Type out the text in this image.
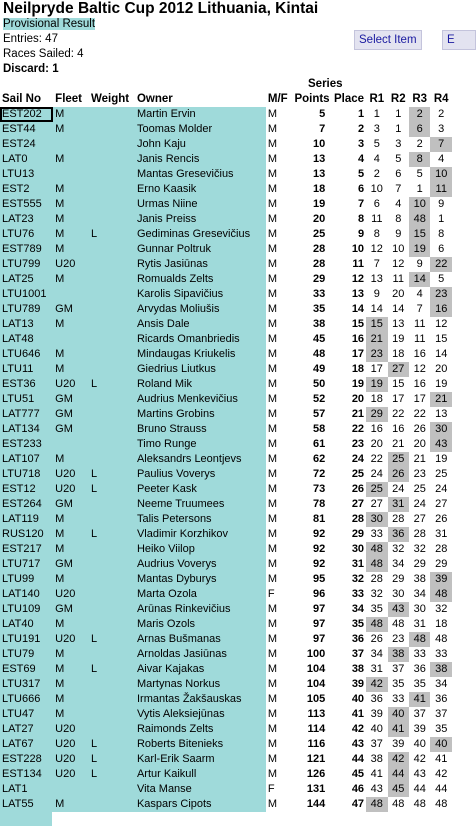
Neilpryde Baltic Cup 2012 Lithuania, Kintai
Provisional Result
Entries: 47
Races Sailed: 4
Discard: 1
Select Item	E
Series
Sail No	Fleet	Weight	Owner	M/F	Points	Place	R1	R2	R3	R4
EST202	M		Martin Ervin	M	5	1	1	1	2	2
EST44	M		Toomas Molder	M	7	2	3	1	6	3
EST24			John Kaju	M	10	3	5	3	2	7
LAT0	M		Janis Rencis	M	13	4	4	5	8	4
LTU13			Mantas Gresevičius	M	13	5	2	6	5	10
EST2	M		Erno Kaasik	M	18	6	10	7	1	11
EST555	M		Urmas Niine	M	19	7	6	4	10	9
LAT23	M		Janis Preiss	M	20	8	11	8	48	1
LTU76	M	L	Gediminas Gresevičius	M	25	9	8	9	15	8
EST789	M		Gunnar Poltruk	M	28	10	12	10	19	6
LTU799	U20		Rytis Jasiūnas	M	28	11	7	12	9	22
LAT25	M		Romualds Zelts	M	29	12	13	11	14	5
LTU1001			Karolis Sipavičius	M	33	13	9	20	4	23
LTU789	GM		Arvydas Moliušis	M	35	14	14	14	7	16
LAT13	M		Ansis Dale	M	38	15	15	13	11	12
LAT48			Ricards Omanbriedis	M	45	16	21	19	11	15
LTU646	M		Mindaugas Kriukelis	M	48	17	23	18	16	14
LTU11	M		Giedrius Liutkus	M	49	18	17	27	12	20
EST36	U20	L	Roland Mik	M	50	19	19	15	16	19
LTU51	GM		Audrius Menkevičius	M	52	20	18	17	17	21
LAT777	GM		Martins Grobins	M	57	21	29	22	22	13
LAT134	GM		Bruno Strauss	M	58	22	16	16	26	30
EST233			Timo Runge	M	61	23	20	21	20	43
LAT107	M		Aleksandrs Leontjevs	M	62	24	22	25	21	19
LTU718	U20	L	Paulius Voverys	M	72	25	24	26	23	25
EST12	U20	L	Peeter Kask	M	73	26	25	24	25	24
EST264	GM		Neeme Truumees	M	78	27	27	31	24	27
LAT119	M		Talis Petersons	M	81	28	30	28	27	26
RUS120	M	L	Vladimir Korzhikov	M	92	29	33	36	28	31
EST217	M		Heiko Viilop	M	92	30	48	32	32	28
LTU717	GM		Audrius Voverys	M	92	31	48	34	29	29
LTU99	M		Mantas Dyburys	M	95	32	28	29	38	39
LAT140	U20		Marta Ozola	F	96	33	32	30	34	48
LTU109	GM		Arūnas Rinkevičius	M	97	34	35	43	30	32
LAT40	M		Maris Ozols	M	97	35	48	48	31	18
LTU191	U20	L	Arnas Bušmanas	M	97	36	26	23	48	48
LTU79	M		Arnoldas Jasiūnas	M	100	37	34	38	33	33
EST69	M	L	Aivar Kajakas	M	104	38	31	37	36	38
LTU317	M		Martynas Norkus	M	104	39	42	35	35	34
LTU666	M		Irmantas Žakšauskas	M	105	40	36	33	41	36
LTU47	M		Vytis Aleksiejūnas	M	113	41	39	40	37	37
LAT27	U20		Raimonds Zelts	M	114	42	40	41	39	35
LAT67	U20	L	Roberts Bitenieks	M	116	43	37	39	40	40
EST228	U20	L	Karl-Erik Saarm	M	121	44	38	42	42	41
EST134	U20	L	Artur Kaikull	M	126	45	41	44	43	42
LAT1			Vita Manse	F	131	46	43	45	44	44
LAT55	M		Kaspars Cipots	M	144	47	48	48	48	48
